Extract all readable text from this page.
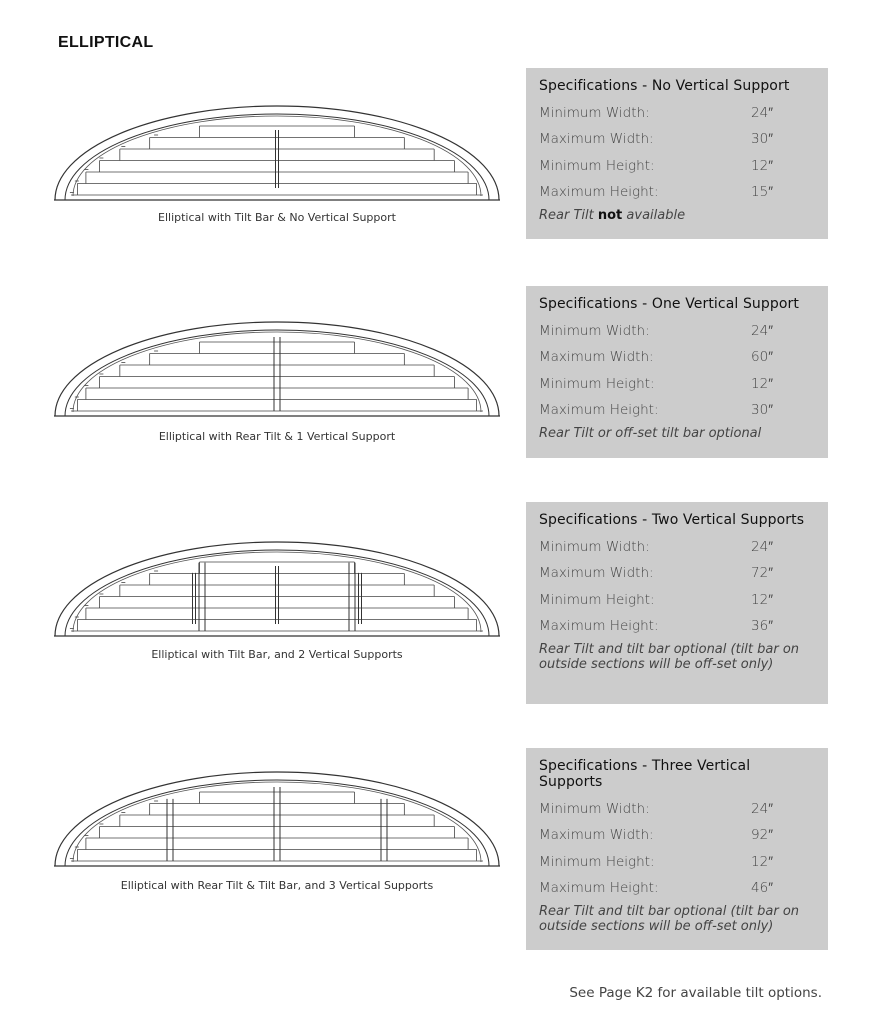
ELLIPTICAL
Elliptical with Tilt Bar & No Vertical Support
Specifications - No Vertical Support
Minimum Width:	24″
Maximum Width:	30″
Minimum Height:	12″
Maximum Height:	15″
Rear Tilt not available
Elliptical with Rear Tilt & 1 Vertical Support
Specifications - One Vertical Support
Minimum Width:	24″
Maximum Width:	60″
Minimum Height:	12″
Maximum Height:	30″
Rear Tilt or off-set tilt bar optional
Elliptical with Tilt Bar, and 2 Vertical Supports
Specifications - Two Vertical Supports
Minimum Width:	24″
Maximum Width:	72″
Minimum Height:	12″
Maximum Height:	36″
Rear Tilt and tilt bar optional (tilt bar on outside sections will be off-set only)
Elliptical with Rear Tilt & Tilt Bar, and 3 Vertical Supports
Specifications - Three Vertical Supports
Minimum Width:	24″
Maximum Width:	92″
Minimum Height:	12″
Maximum Height:	46″
Rear Tilt and tilt bar optional (tilt bar on outside sections will be off-set only)
See Page K2 for available tilt options.
